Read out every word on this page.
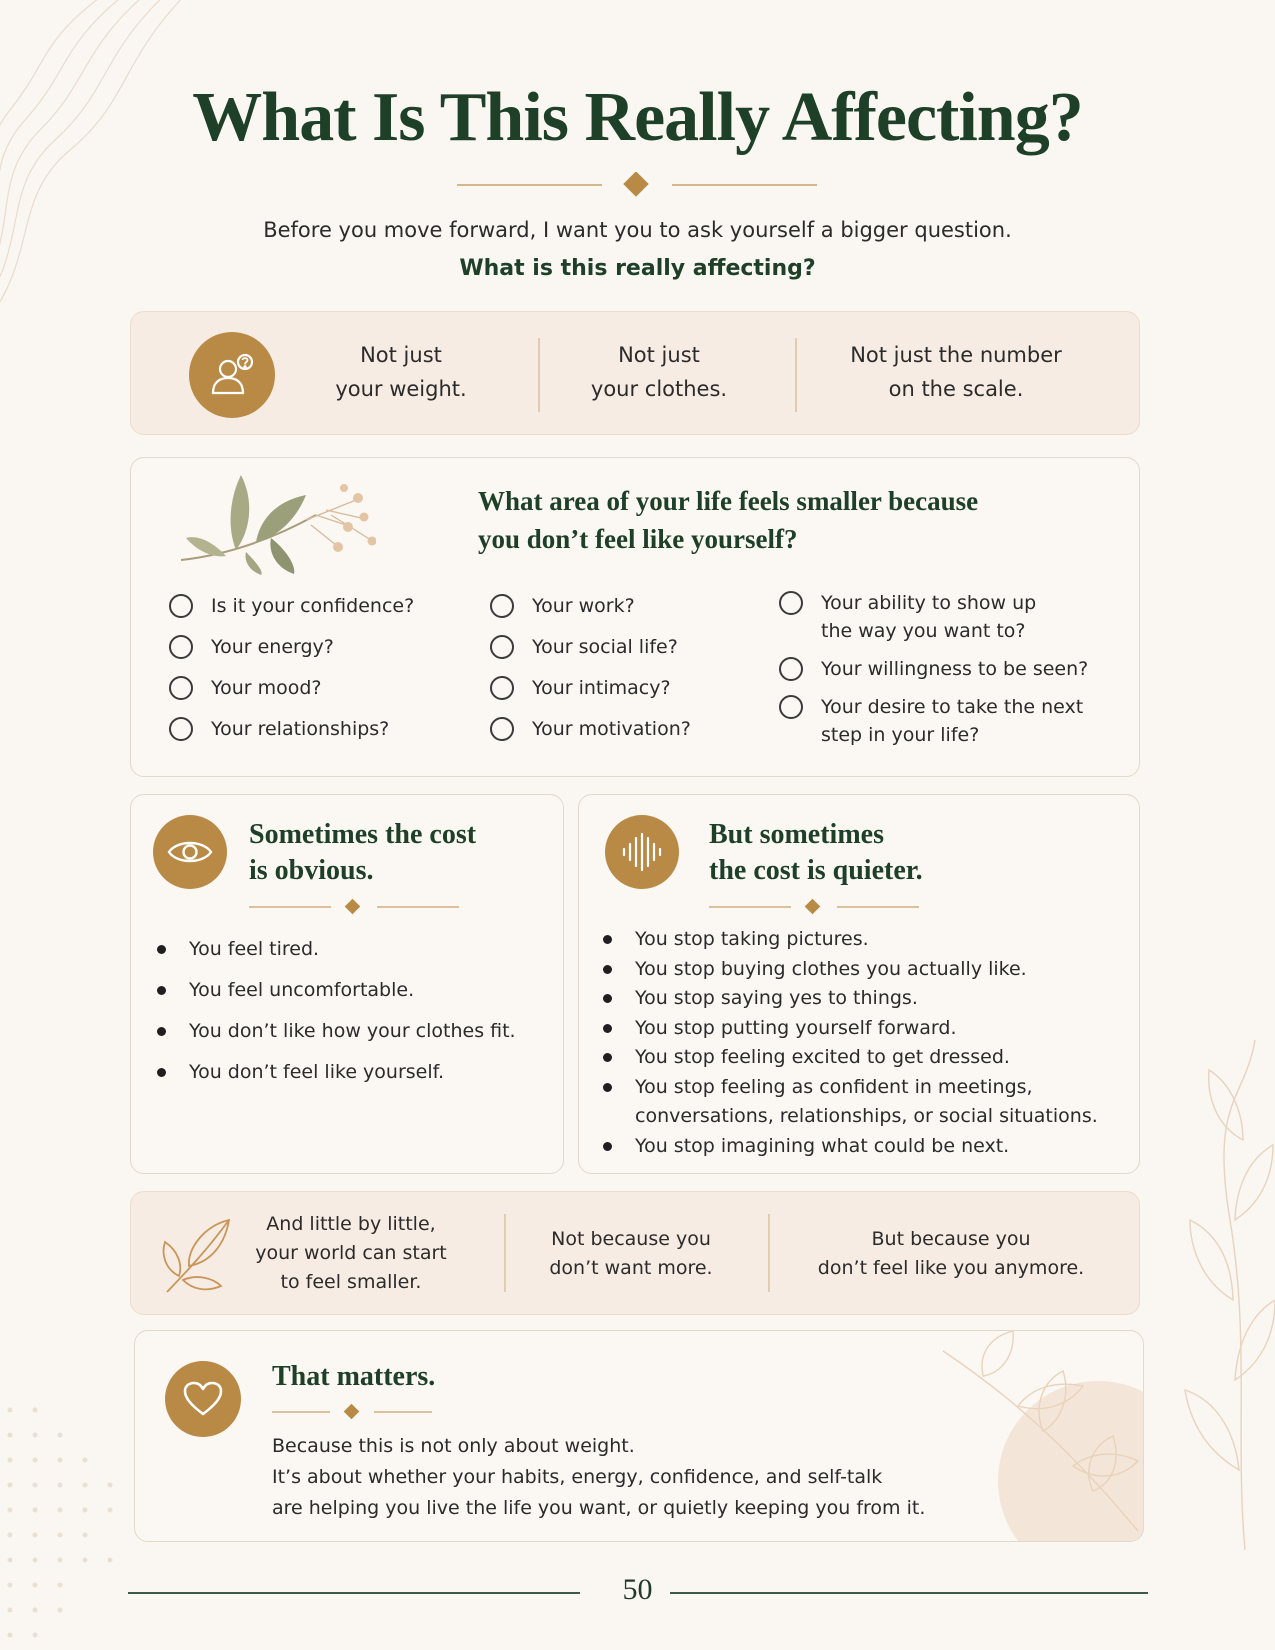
What Is This Really Affecting?

Before you move forward, I want you to ask yourself a bigger question.

What is this really affecting?

Not just
your weight.
Not just
your clothes.
Not just the number
on the scale.
What area of your life feels smaller because
you don’t feel like yourself?
Is it your confidence?
Your energy?
Your mood?
Your relationships?
Your work?
Your social life?
Your intimacy?
Your motivation?
Your ability to show up
the way you want to?
Your willingness to be seen?
Your desire to take the next
step in your life?
Sometimes the cost
is obvious.
You feel tired.
You feel uncomfortable.
You don’t like how your clothes fit.
You don’t feel like yourself.
But sometimes
the cost is quieter.
You stop taking pictures.
You stop buying clothes you actually like.
You stop saying yes to things.
You stop putting yourself forward.
You stop feeling excited to get dressed.
You stop feeling as confident in meetings,
conversations, relationships, or social situations.
You stop imagining what could be next.
And little by little,
your world can start
to feel smaller.
Not because you
don’t want more.
But because you
don’t feel like you anymore.
That matters.
Because this is not only about weight.
It’s about whether your habits, energy, confidence, and self-talk
are helping you live the life you want, or quietly keeping you from it.
50
